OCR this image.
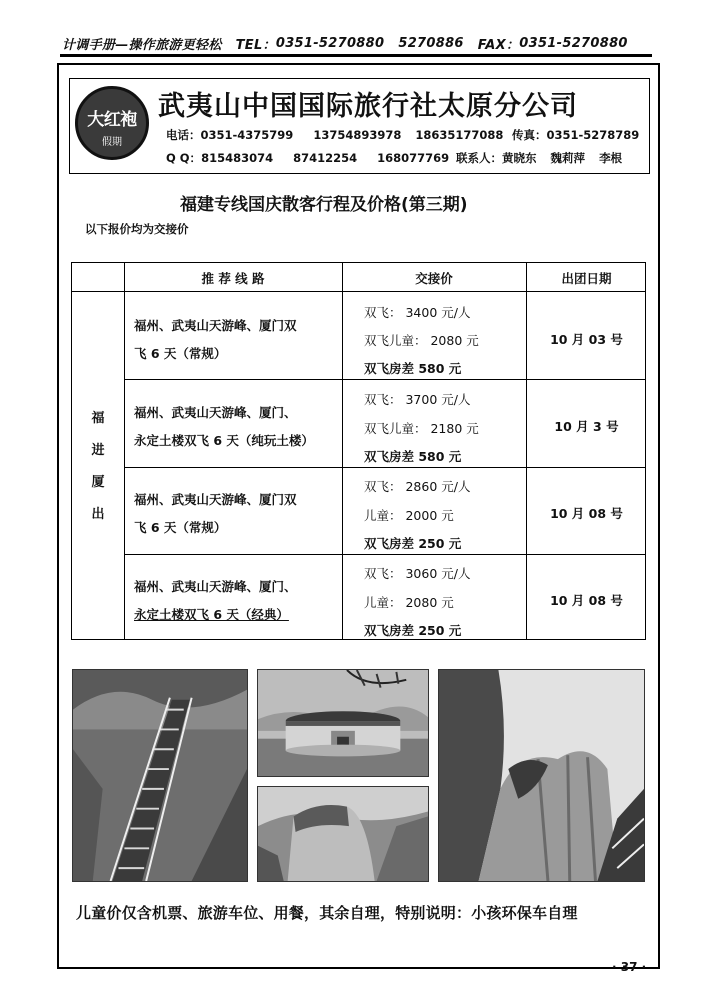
计调手册—操作旅游更轻松 TEL： 0351-5270880 5270886 FAX： 0351-5270880
大红袍
假期
武夷山中国国际旅行社太原分公司
电话：0351-4375799 13754893978 18635177088 传真：0351-5278789
Q Q：815483074 87412254 168077769 联系人：黄晓东 魏莉萍 李根
福建专线国庆散客行程及价格(第三期)
以下报价均为交接价
推 荐 线 路	交接价	出团日期
福
进
厦
出
福州、武夷山天游峰、厦门双
飞 6 天（常规）
双飞： 3400 元/人
双飞儿童： 2080 元
双飞房差 580 元
10 月 03 号
福州、武夷山天游峰、厦门、
永定土楼双飞 6 天（纯玩土楼）
双飞： 3700 元/人
双飞儿童： 2180 元
双飞房差 580 元
10 月 3 号
福州、武夷山天游峰、厦门双
飞 6 天（常规）
双飞： 2860 元/人
儿童： 2000 元
双飞房差 250 元
10 月 08 号
福州、武夷山天游峰、厦门、
永定土楼双飞 6 天（经典）
双飞： 3060 元/人
儿童： 2080 元
双飞房差 250 元
10 月 08 号
儿童价仅含机票、旅游车位、用餐，其余自理，特别说明：小孩环保车自理
· 37 ·
